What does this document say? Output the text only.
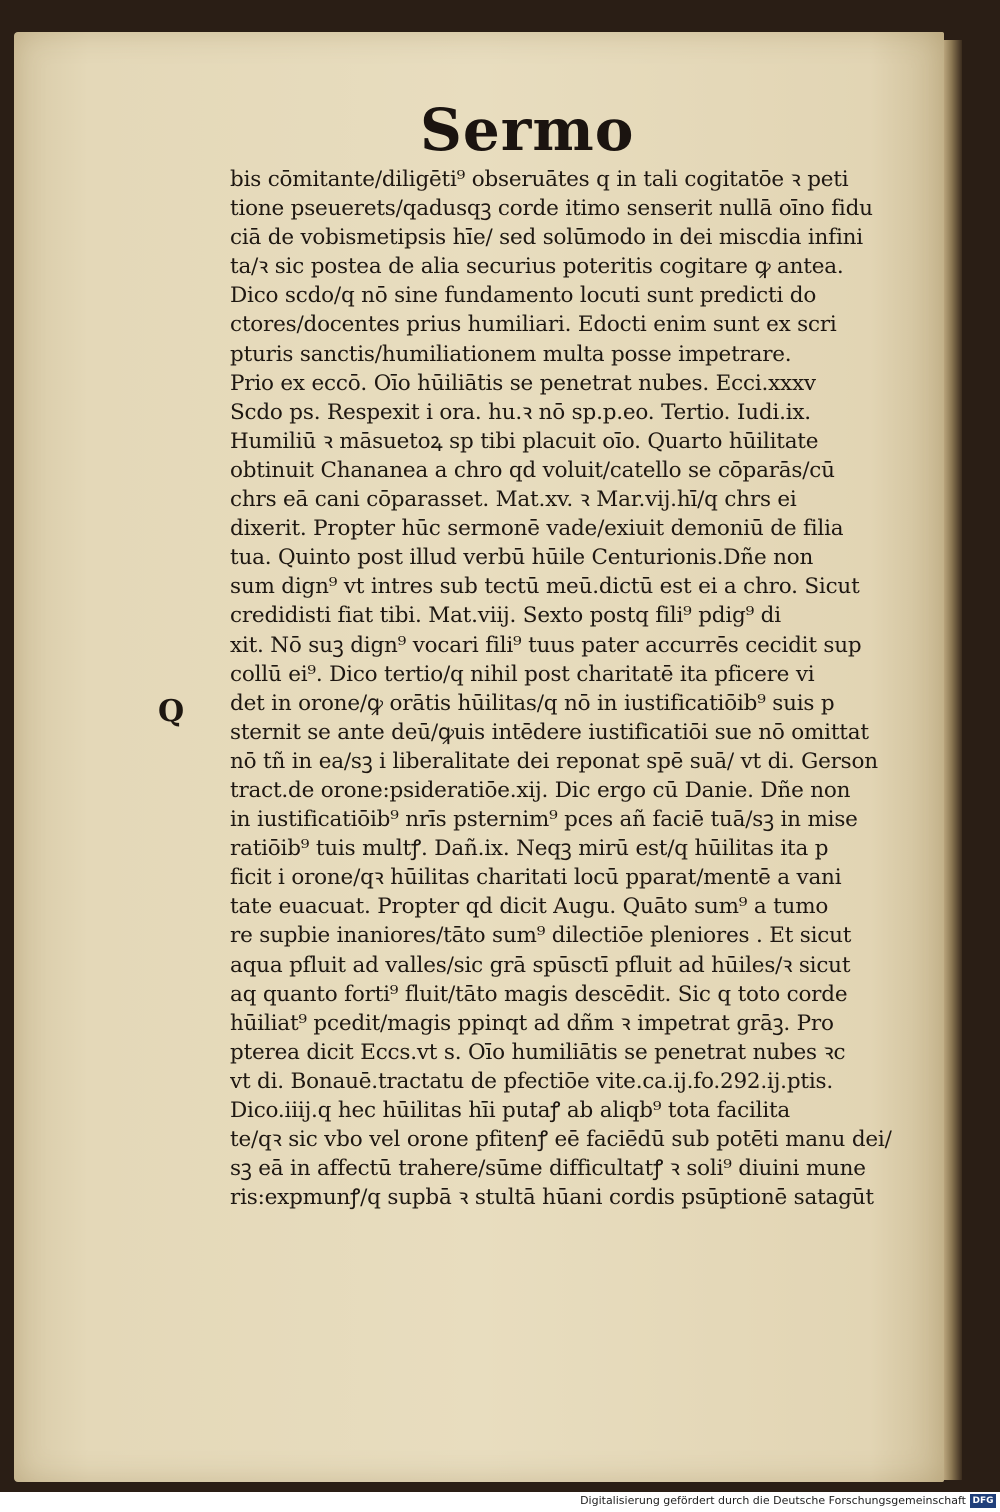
Sermo
Q
bis cōmitante/diligēti⁹ obseruātes q in tali cogitatōe ꝛ peti
tione pseuerets/qadusqꝫ corde itimo senserit nullā oīno fidu
ciā de vobismetipsis hīe/ sed solūmodo in dei miscdia infini
ta/ꝛ sic postea de alia securius poteritis cogitare ꝙ antea.
Dico scdo/q nō sine fundamento locuti sunt predicti do
ctores/docentes prius humiliari. Edocti enim sunt ex scri
pturis sanctis/humiliationem multa posse impetrare.
Prio ex eccō. Oīo hūiliātis se penetrat nubes. Ecci.xxxv
Scdo ps. Respexit i ora. hu.ꝛ nō sp.p.eo. Tertio. Iudi.ix.
Humiliū ꝛ māsuetoꝝ sp tibi placuit oīo. Quarto hūilitate
obtinuit Chananea a chro qd voluit/catello se cōparās/cū
chrs eā cani cōparasset. Mat.xv. ꝛ Mar.vij.hī/q chrs ei
dixerit. Propter hūc sermonē vade/exiuit demoniū de filia
tua. Quinto post illud verbū hūile Centurionis.Dñe non
sum dign⁹ vt intres sub tectū meū.dictū est ei a chro. Sicut
credidisti fiat tibi. Mat.viij. Sexto postq fili⁹ pdig⁹ di
xit. Nō suꝫ dign⁹ vocari fili⁹ tuus pater accurrēs cecidit sup
collū ei⁹. Dico tertio/q nihil post charitatē ita pficere vi
det in orone/ꝙ orātis hūilitas/q nō in iustificatiōib⁹ suis p
sternit se ante deū/ꝙuis intēdere iustificatiōi sue nō omittat
nō tñ in ea/sꝫ i liberalitate dei reponat spē suā/ vt di. Gerson
tract.de orone:psideratiōe.xij. Dic ergo cū Danie. Dñe non
in iustificatiōib⁹ nrīs psternim⁹ pces añ faciē tuā/sꝫ in mise
ratiōib⁹ tuis multꝭ. Dañ.ix. Neqꝫ mirū est/q hūilitas ita p
ficit i orone/qꝛ hūilitas charitati locū pparat/mentē a vani
tate euacuat. Propter qd dicit Augu. Quāto sum⁹ a tumo
re supbie inaniores/tāto sum⁹ dilectiōe pleniores . Et sicut
aqua pfluit ad valles/sic grā spūsctī pfluit ad hūiles/ꝛ sicut
aq quanto forti⁹ fluit/tāto magis descēdit. Sic q toto corde
hūiliat⁹ pcedit/magis ppinqt ad dñm ꝛ impetrat grāꝫ. Pro
pterea dicit Eccs.vt s. Oīo humiliātis se penetrat nubes ꝛc
vt di. Bonauē.tractatu de pfectiōe vite.ca.ij.fo.292.ij.ptis.
Dico.iiij.q hec hūilitas hīi putaꝭ ab aliqb⁹ tota facilita
te/qꝛ sic vbo vel orone pfitenꝭ eē faciēdū sub potēti manu dei/
sꝫ eā in affectū trahere/sūme difficultatꝭ ꝛ soli⁹ diuini mune
ris:expmunꝭ/q supbā ꝛ stultā hūani cordis psūptionē satagūt
Digitalisierung gefördert durch die Deutsche Forschungsgemeinschaft DFG
